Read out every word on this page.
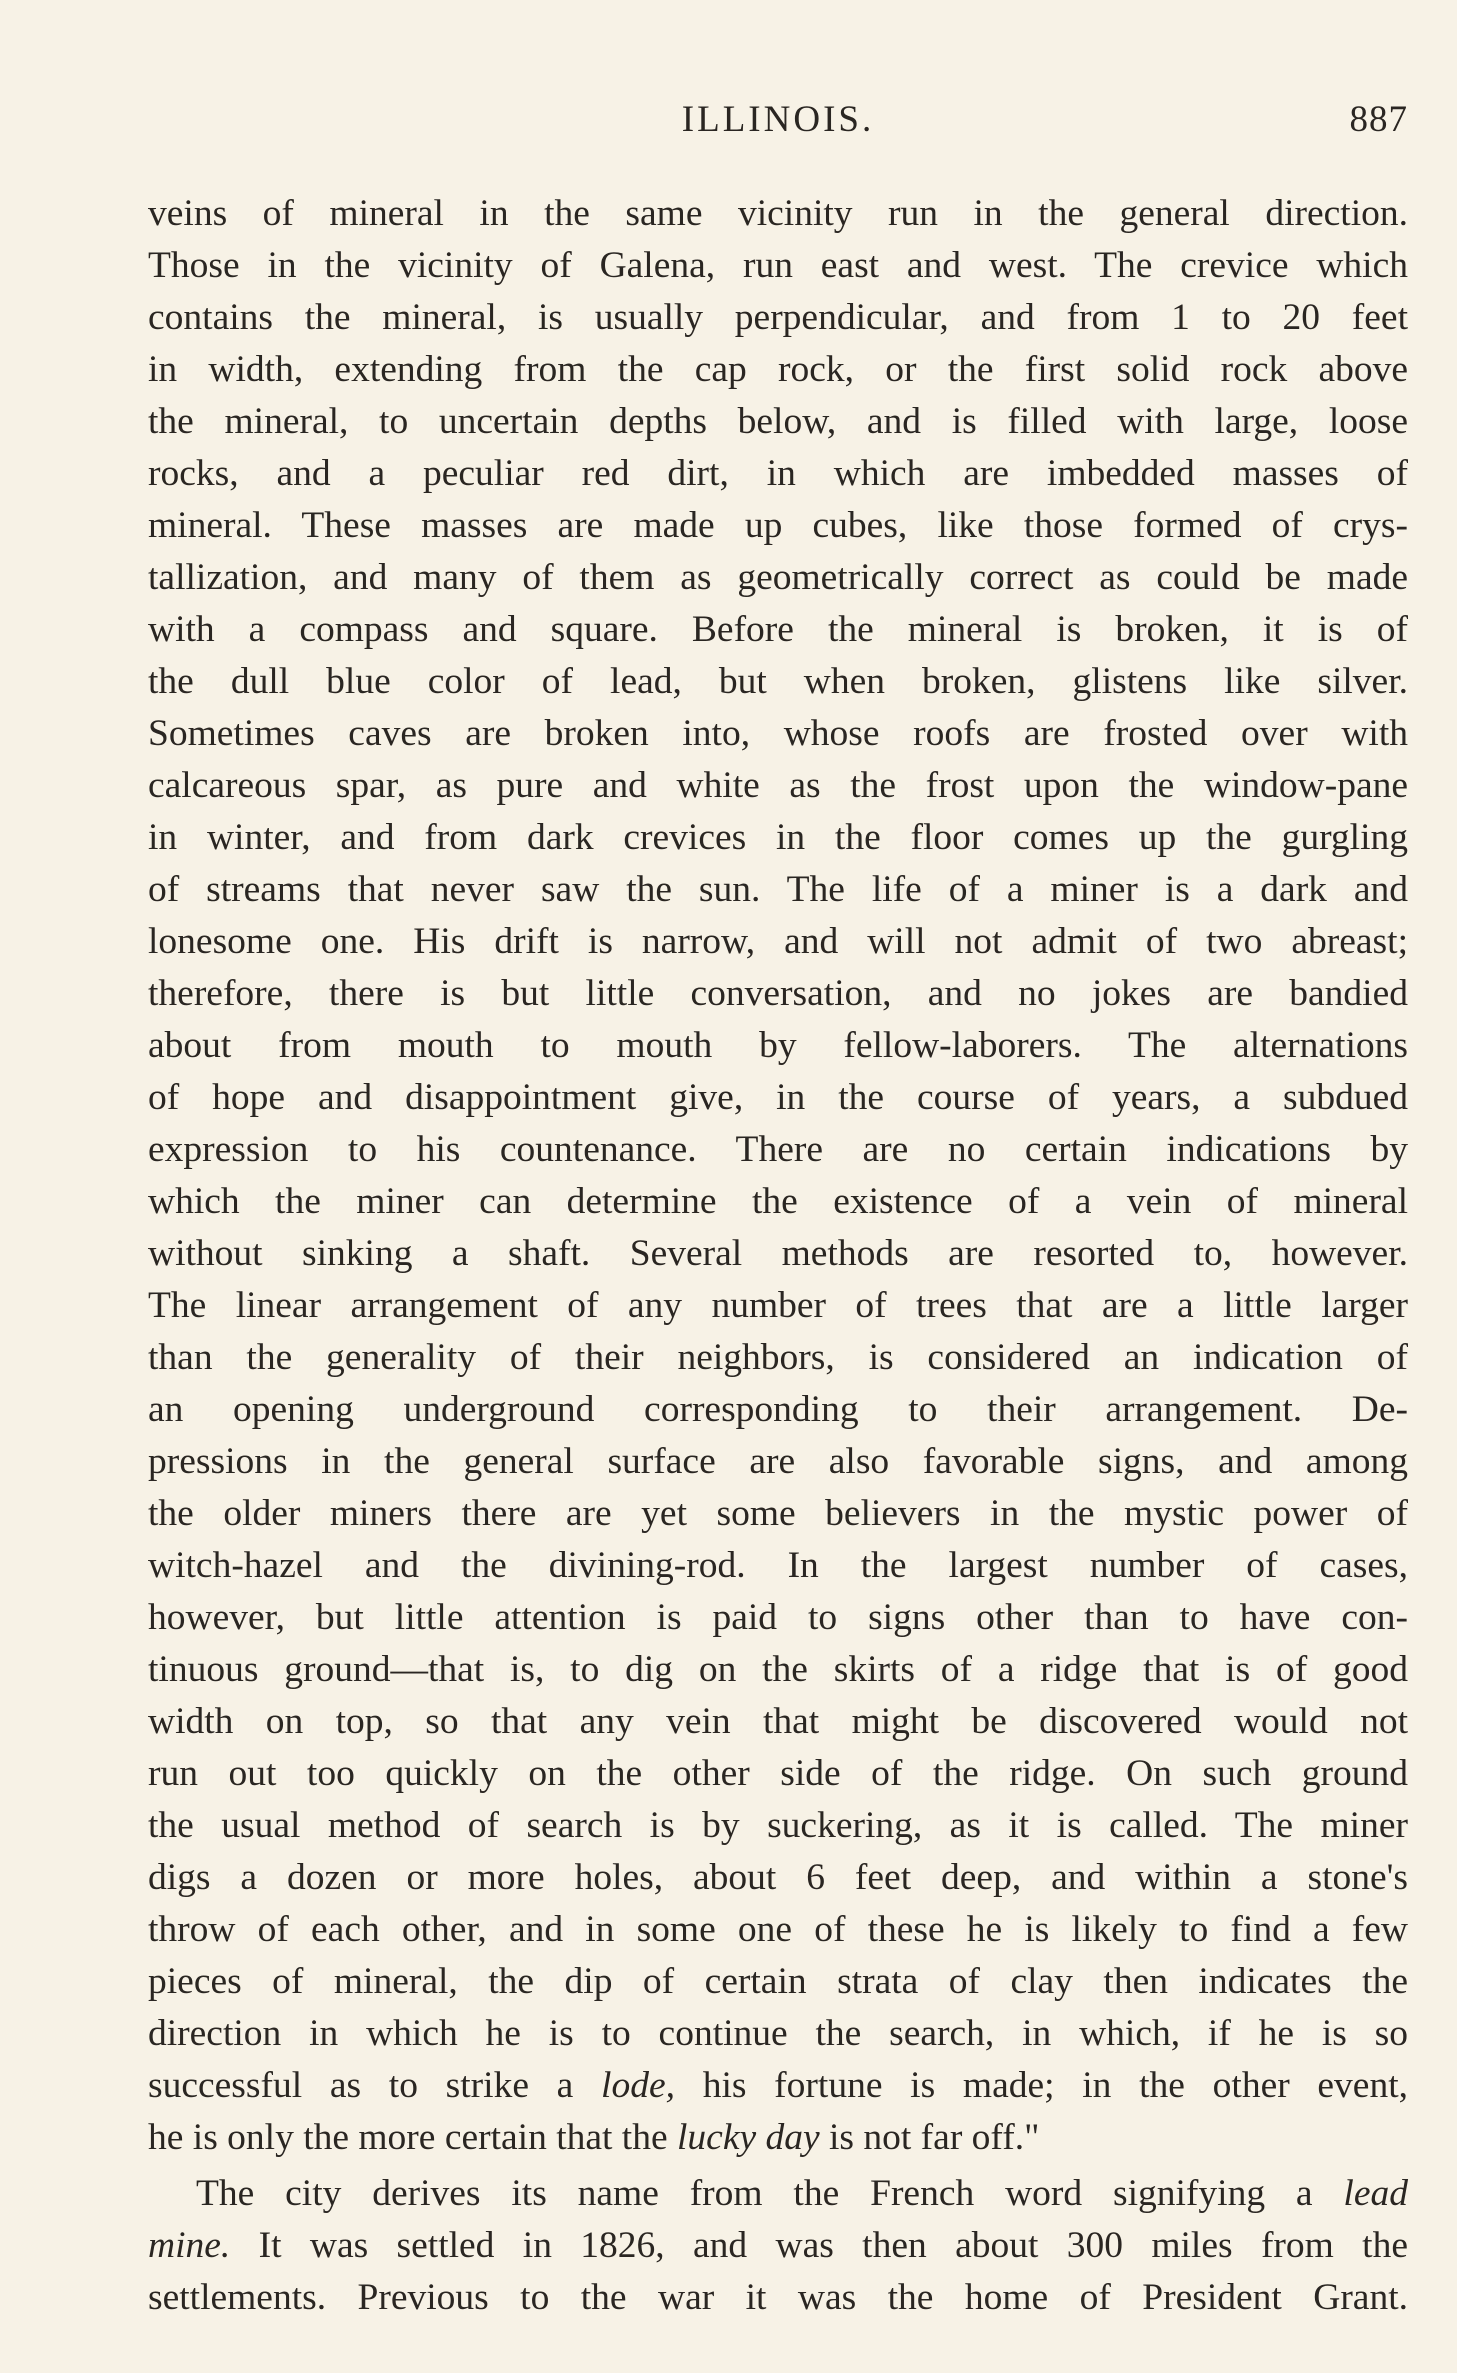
ILLINOIS.	887
veins of mineral in the same vicinity run in the general direction.
Those in the vicinity of Galena, run east and west. The crevice which
contains the mineral, is usually perpendicular, and from 1 to 20 feet
in width, extending from the cap rock, or the first solid rock above
the mineral, to uncertain depths below, and is filled with large, loose
rocks, and a peculiar red dirt, in which are imbedded masses of
mineral. These masses are made up cubes, like those formed of crys-
tallization, and many of them as geometrically correct as could be made
with a compass and square. Before the mineral is broken, it is of
the dull blue color of lead, but when broken, glistens like silver.
Sometimes caves are broken into, whose roofs are frosted over with
calcareous spar, as pure and white as the frost upon the window-pane
in winter, and from dark crevices in the floor comes up the gurgling
of streams that never saw the sun. The life of a miner is a dark and
lonesome one. His drift is narrow, and will not admit of two abreast;
therefore, there is but little conversation, and no jokes are bandied
about from mouth to mouth by fellow-laborers. The alternations
of hope and disappointment give, in the course of years, a subdued
expression to his countenance. There are no certain indications by
which the miner can determine the existence of a vein of mineral
without sinking a shaft. Several methods are resorted to, however.
The linear arrangement of any number of trees that are a little larger
than the generality of their neighbors, is considered an indication of
an opening underground corresponding to their arrangement. De-
pressions in the general surface are also favorable signs, and among
the older miners there are yet some believers in the mystic power of
witch-hazel and the divining-rod. In the largest number of cases,
however, but little attention is paid to signs other than to have con-
tinuous ground—that is, to dig on the skirts of a ridge that is of good
width on top, so that any vein that might be discovered would not
run out too quickly on the other side of the ridge. On such ground
the usual method of search is by suckering, as it is called. The miner
digs a dozen or more holes, about 6 feet deep, and within a stone's
throw of each other, and in some one of these he is likely to find a few
pieces of mineral, the dip of certain strata of clay then indicates the
direction in which he is to continue the search, in which, if he is so
successful as to strike a lode, his fortune is made; in the other event,
he is only the more certain that the lucky day is not far off."
The city derives its name from the French word signifying a lead
mine. It was settled in 1826, and was then about 300 miles from the
settlements. Previous to the war it was the home of President Grant.
